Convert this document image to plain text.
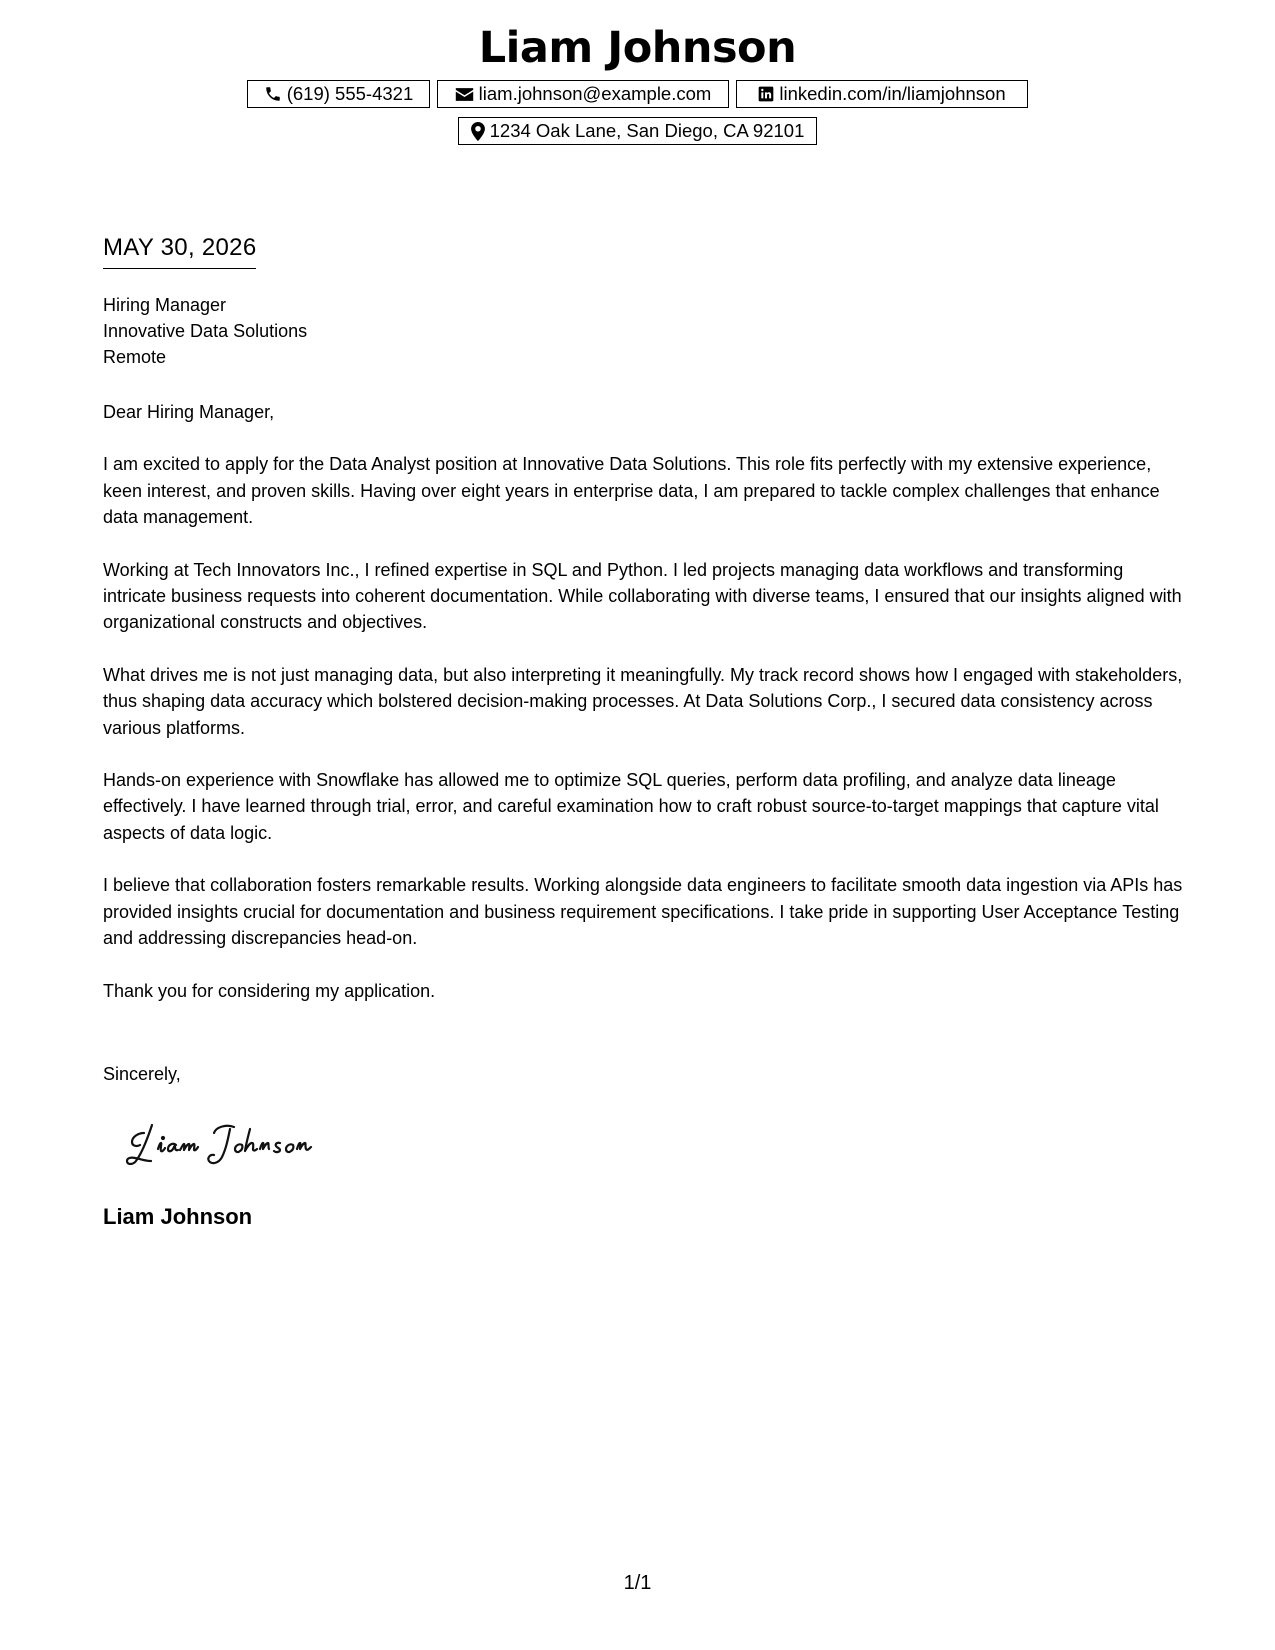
Liam Johnson
(619) 555-4321	liam.johnson@example.com	linkedin.com/in/liamjohnson
1234 Oak Lane, San Diego, CA 92101
MAY 30, 2026
Hiring Manager
Innovative Data Solutions
Remote

Dear Hiring Manager,

I am excited to apply for the Data Analyst position at Innovative Data Solutions. This role fits perfectly with my extensive experience, keen interest, and proven skills. Having over eight years in enterprise data, I am prepared to tackle complex challenges that enhance data management.

Working at Tech Innovators Inc., I refined expertise in SQL and Python. I led projects managing data workflows and transforming intricate business requests into coherent documentation. While collaborating with diverse teams, I ensured that our insights aligned with organizational constructs and objectives.

What drives me is not just managing data, but also interpreting it meaningfully. My track record shows how I engaged with stakeholders, thus shaping data accuracy which bolstered decision-making processes. At Data Solutions Corp., I secured data consistency across various platforms.

Hands-on experience with Snowflake has allowed me to optimize SQL queries, perform data profiling, and analyze data lineage effectively. I have learned through trial, error, and careful examination how to craft robust source-to-target mappings that capture vital aspects of data logic.

I believe that collaboration fosters remarkable results. Working alongside data engineers to facilitate smooth data ingestion via APIs has provided insights crucial for documentation and business requirement specifications. I take pride in supporting User Acceptance Testing and addressing discrepancies head-on.

Thank you for considering my application.

Sincerely,
Liam Johnson
1/1
